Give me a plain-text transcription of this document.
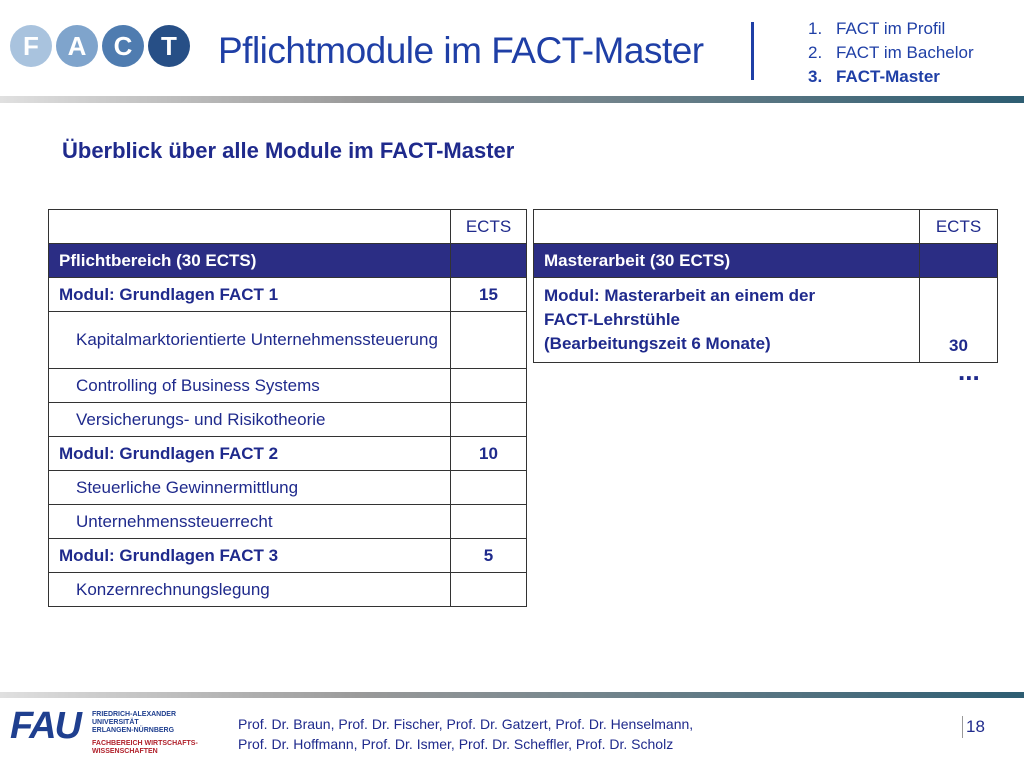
F	A	C	T	Pflichtmodule im FACT-Master
1. FACT im Profil
2. FACT im Bachelor
3. FACT-Master
Überblick über alle Module im FACT-Master
	ECTS
Pflichtbereich (30 ECTS)	
Modul: Grundlagen FACT 1	15
Kapitalmarktorientierte Unternehmenssteuerung	
Controlling of Business Systems	
Versicherungs- und Risikotheorie	
Modul: Grundlagen FACT 2	10
Steuerliche Gewinnermittlung	
Unternehmenssteuerrecht	
Modul: Grundlagen FACT 3	5
Konzernrechnungslegung	
	ECTS
Masterarbeit (30 ECTS)	

Modul: Masterarbeit an einem der
FACT-Lehrstühle
(Bearbeitungszeit 6 Monate)	30
...
FAU FRIEDRICH-ALEXANDER
UNIVERSITÄT
ERLANGEN-NÜRNBERG
FACHBEREICH WIRTSCHAFTS-
WISSENSCHAFTEN
Prof. Dr. Braun, Prof. Dr. Fischer, Prof. Dr. Gatzert, Prof. Dr. Henselmann,
Prof. Dr. Hoffmann, Prof. Dr. Ismer, Prof. Dr. Scheffler, Prof. Dr. Scholz
18
